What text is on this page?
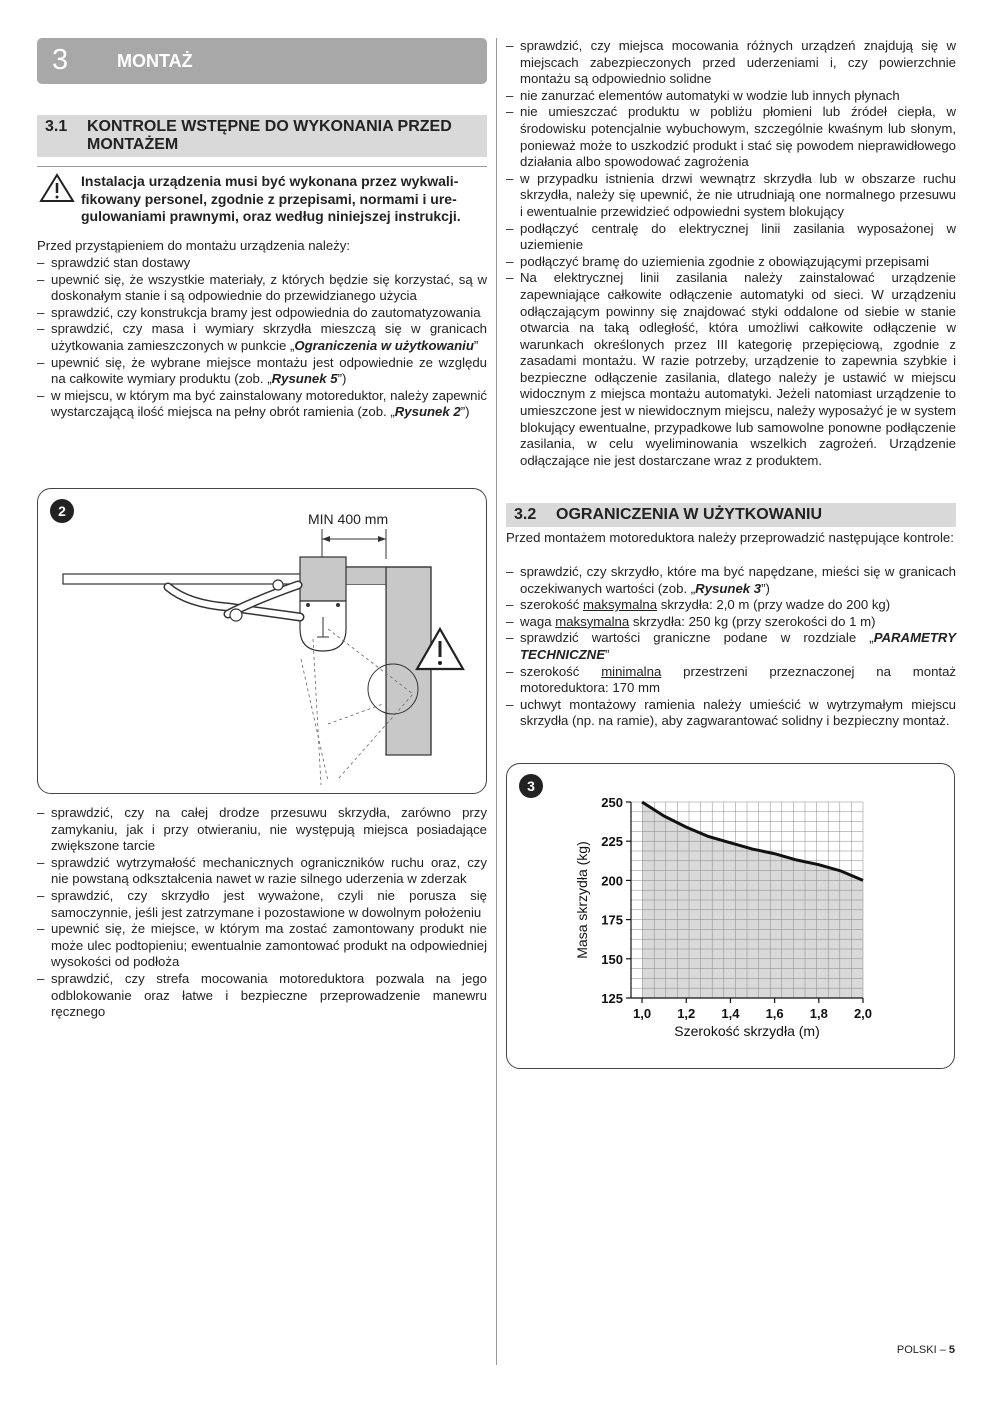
3	MONTAŻ
3.1 KONTROLE WSTĘPNE DO WYKONANIA PRZED
MONTAŻEM
Instalacja urządzenia musi być wykonana przez wykwali-
fikowany personel, zgodnie z przepisami, normami i ure-
gulowaniami prawnymi, oraz według niniejszej instrukcji.
Przed przystąpieniem do montażu urządzenia należy:
– sprawdzić stan dostawy
– upewnić się, że wszystkie materiały, z których będzie się korzystać, są w doskonałym stanie i są odpowiednie do przewidzianego użycia
– sprawdzić, czy konstrukcja bramy jest odpowiednia do zautomatyzowania
– sprawdzić, czy masa i wymiary skrzydła mieszczą się w granicach użytkowania zamieszczonych w punkcie „Ograniczenia w użytkowaniu”
– upewnić się, że wybrane miejsce montażu jest odpowiednie ze względu na całkowite wymiary produktu (zob. „Rysunek 5”)
– w miejscu, w którym ma być zainstalowany motoreduktor, należy zapewnić wystarczającą ilość miejsca na pełny obrót ramienia (zob. „Rysunek 2”)
2	MIN 400 mm
– sprawdzić, czy na całej drodze przesuwu skrzydła, zarówno przy zamykaniu, jak i przy otwieraniu, nie występują miejsca posiadające zwiększone tarcie
– sprawdzić wytrzymałość mechanicznych ograniczników ruchu oraz, czy nie powstaną odkształcenia nawet w razie silnego uderzenia w zderzak
– sprawdzić, czy skrzydło jest wyważone, czyli nie porusza się samoczynnie, jeśli jest zatrzymane i pozostawione w dowolnym położeniu
– upewnić się, że miejsce, w którym ma zostać zamontowany produkt nie może ulec podtopieniu; ewentualnie zamontować produkt na odpowiedniej wysokości od podłoża
– sprawdzić, czy strefa mocowania motoreduktora pozwala na jego odblokowanie oraz łatwe i bezpieczne przeprowadzenie manewru ręcznego
– sprawdzić, czy miejsca mocowania różnych urządzeń znajdują się w miejscach zabezpieczonych przed uderzeniami i, czy powierzchnie montażu są odpowiednio solidne
– nie zanurzać elementów automatyki w wodzie lub innych płynach
– nie umieszczać produktu w pobliżu płomieni lub źródeł ciepła, w środowisku potencjalnie wybuchowym, szczególnie kwaśnym lub słonym, ponieważ może to uszkodzić produkt i stać się powodem nieprawidłowego działania albo spowodować zagrożenia
– w przypadku istnienia drzwi wewnątrz skrzydła lub w obszarze ruchu skrzydła, należy się upewnić, że nie utrudniają one normalnego przesuwu i ewentualnie przewidzieć odpowiedni system blokujący
– podłączyć centralę do elektrycznej linii zasilania wyposażonej w uziemienie
– podłączyć bramę do uziemienia zgodnie z obowiązującymi przepisami
– Na elektrycznej linii zasilania należy zainstalować urządzenie zapewniające całkowite odłączenie automatyki od sieci. W urządzeniu odłączającym powinny się znajdować styki oddalone od siebie w stanie otwarcia na taką odległość, która umożliwi całkowite odłączenie w warunkach określonych przez III kategorię przepięciową, zgodnie z zasadami montażu. W razie potrzeby, urządzenie to zapewnia szybkie i bezpieczne odłączenie zasilania, dlatego należy je ustawić w miejscu widocznym z miejsca montażu automatyki. Jeżeli natomiast urządzenie to umieszczone jest w niewidocznym miejscu, należy wyposażyć je w system blokujący ewentualne, przypadkowe lub samowolne ponowne podłączenie zasilania, w celu wyeliminowania wszelkich zagrożeń. Urządzenie odłączające nie jest dostarczane wraz z produktem.
3.2 OGRANICZENIA W UŻYTKOWANIU
Przed montażem motoreduktora należy przeprowadzić następujące kontrole:
– sprawdzić, czy skrzydło, które ma być napędzane, mieści się w granicach oczekiwanych wartości (zob. „Rysunek 3”)
– szerokość maksymalna skrzydła: 2,0 m (przy wadze do 200 kg)
– waga maksymalna skrzydła: 250 kg (przy szerokości do 1 m)
– sprawdzić wartości graniczne podane w rozdziale „PARAMETRY TECHNICZNE”
– szerokość minimalna przestrzeni przeznaczonej na montaż motoreduktora: 170 mm
– uchwyt montażowy ramienia należy umieścić w wytrzymałym miejscu skrzydła (np. na ramie), aby zagwarantować solidny i bezpieczny montaż.
3
125
150
175
200
225
250
1,0 1,2 1,4 1,6 1,8 2,0
Szerokość skrzydła (m)
Masa skrzydła (kg)
POLSKI – 5
